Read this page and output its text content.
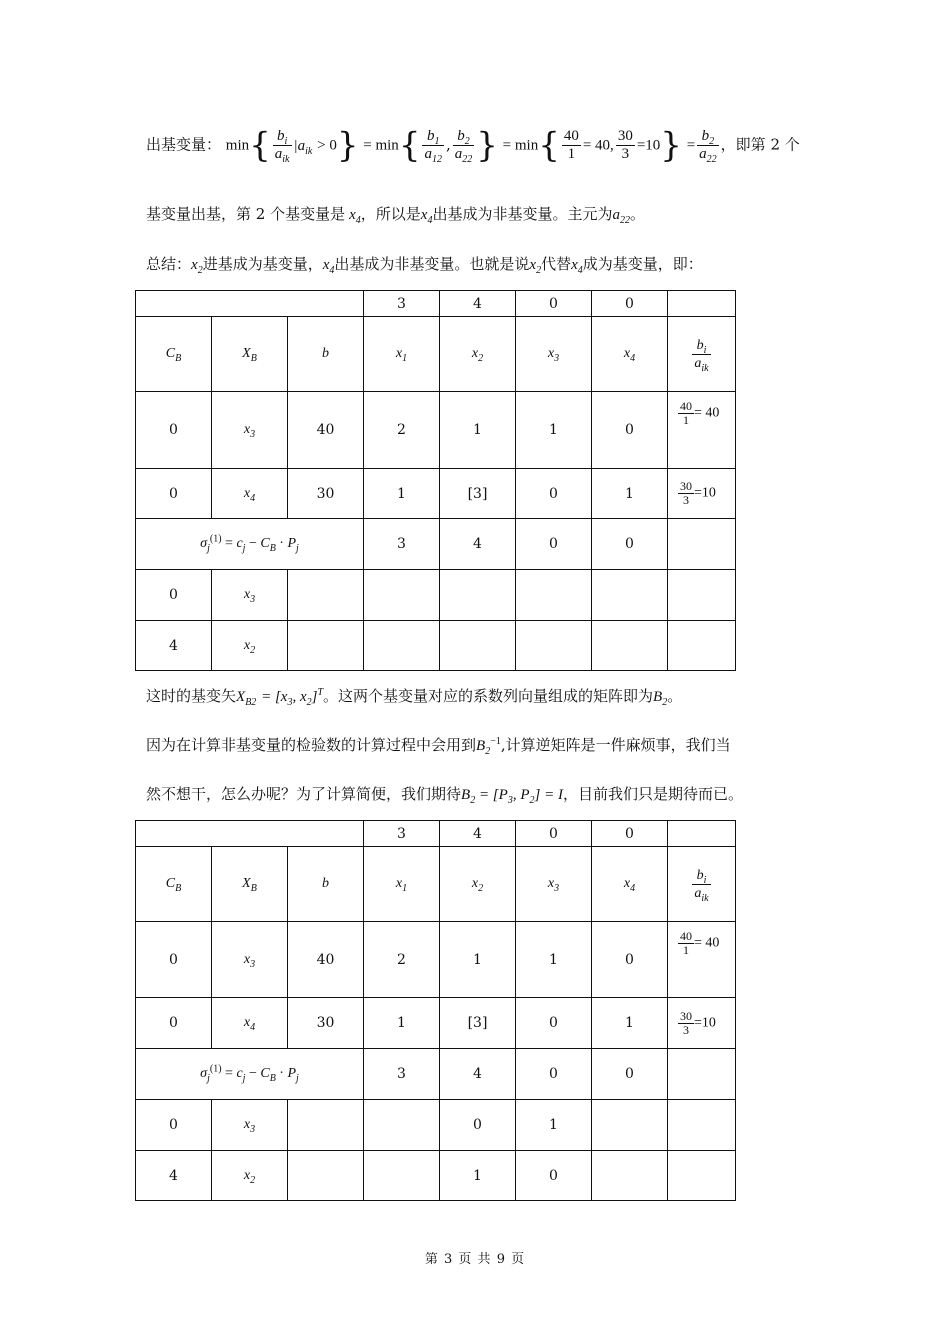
出基变量： $\min\{ \frac{b_i}{a_{ik}} |a_{ik} > 0\} = \min\{ \frac{b_1}{a_{12}}$ , $\frac{b_2}{a_{22}}$ } = $\min\{ \frac{40}{1} = 40$, $\frac{30}{3} =10\} = \frac{b_2}{a_{22}}$ ，即第 2 个
基变量出基，第 2 个基变量是 $x_4$，所以是$x_4$出基成为非基变量。主元为$a_{22}$。
总结：$x_2$进基成为基变量，$x_4$出基成为非基变量。也就是说$x_2$代替$x_4$成为基变量，即：
			3	4	0	0	
$C_B$	$X_B$	b	$x_1$	$x_2$	$x_3$	$x_4$	$\frac{b_i}{a_{ik}}$

0	$x_3$	40	2	1	1	0	$\frac{40}{1} = 40$
0	$x_4$	30	1	[3]	0	1	$\frac{30}{3} =10$
$\sigma_j^{(1)} = c_j - C_B \cdot P_j$			3	4	0	0	
0	$x_3$						
4	$x_2$						
这时的基变矢$X_{B2} = [x_3$, $x_2]^T$。这两个基变量对应的系数列向量组成的矩阵即为$B_2$。
因为在计算非基变量的检验数的计算过程中会用到$B_2^{-1}$,计算逆矩阵是一件麻烦事，我们当
然不想干，怎么办呢？为了计算简便，我们期待$B_2 = [P_3$, $P_2] = I$，目前我们只是期待而已。
			3	4	0	0	
$C_B$	$X_B$	b	$x_1$	$x_2$	$x_3$	$x_4$	$\frac{b_i}{a_{ik}}$

0	$x_3$	40	2	1	1	0	$\frac{40}{1} = 40$
0	$x_4$	30	1	[3]	0	1	$\frac{30}{3} =10$
$\sigma_j^{(1)} = c_j - C_B \cdot P_j$			3	4	0	0	
0	$x_3$			0	1		
4	$x_2$			1	0		
第 3 页 共 9 页
